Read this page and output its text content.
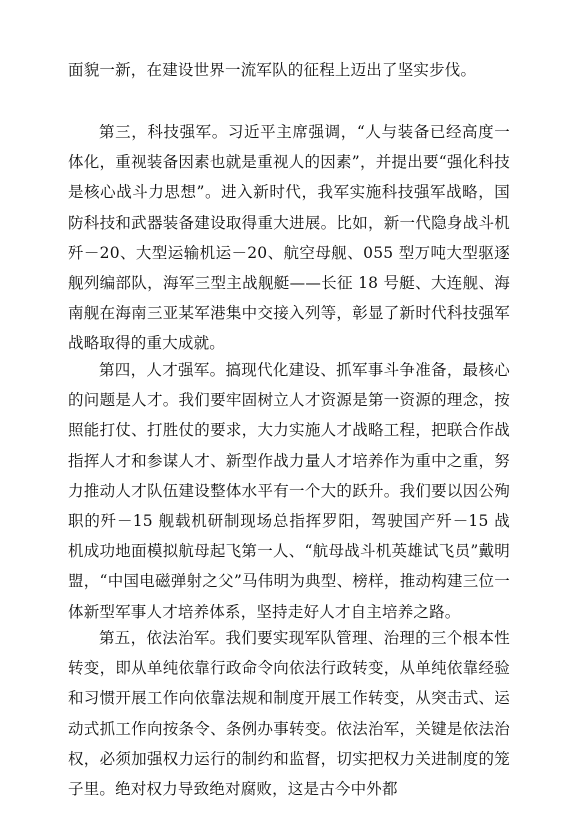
面貌一新，在建设世界一流军队的征程上迈出了坚实步伐。

第三，科技强军。习近平主席强调，“人与装备已经高度一体化，重视装备因素也就是重视人的因素”，并提出要“强化科技是核心战斗力思想”。进入新时代，我军实施科技强军战略，国防科技和武器装备建设取得重大进展。比如，新一代隐身战斗机歼－20、大型运输机运－20、航空母舰、055 型万吨大型驱逐舰列编部队，海军三型主战舰艇——长征 18 号艇、大连舰、海南舰在海南三亚某军港集中交接入列等，彰显了新时代科技强军战略取得的重大成就。

第四，人才强军。搞现代化建设、抓军事斗争准备，最核心的问题是人才。我们要牢固树立人才资源是第一资源的理念，按照能打仗、打胜仗的要求，大力实施人才战略工程，把联合作战指挥人才和参谋人才、新型作战力量人才培养作为重中之重，努力推动人才队伍建设整体水平有一个大的跃升。我们要以因公殉职的歼－15 舰载机研制现场总指挥罗阳，驾驶国产歼－15 战机成功地面模拟航母起飞第一人、“航母战斗机英雄试飞员”戴明盟，“中国电磁弹射之父”马伟明为典型、榜样，推动构建三位一体新型军事人才培养体系，坚持走好人才自主培养之路。

第五，依法治军。我们要实现军队管理、治理的三个根本性转变，即从单纯依靠行政命令向依法行政转变，从单纯依靠经验和习惯开展工作向依靠法规和制度开展工作转变，从突击式、运动式抓工作向按条令、条例办事转变。依法治军，关键是依法治权，必须加强权力运行的制约和监督，切实把权力关进制度的笼子里。绝对权力导致绝对腐败，这是古今中外都
